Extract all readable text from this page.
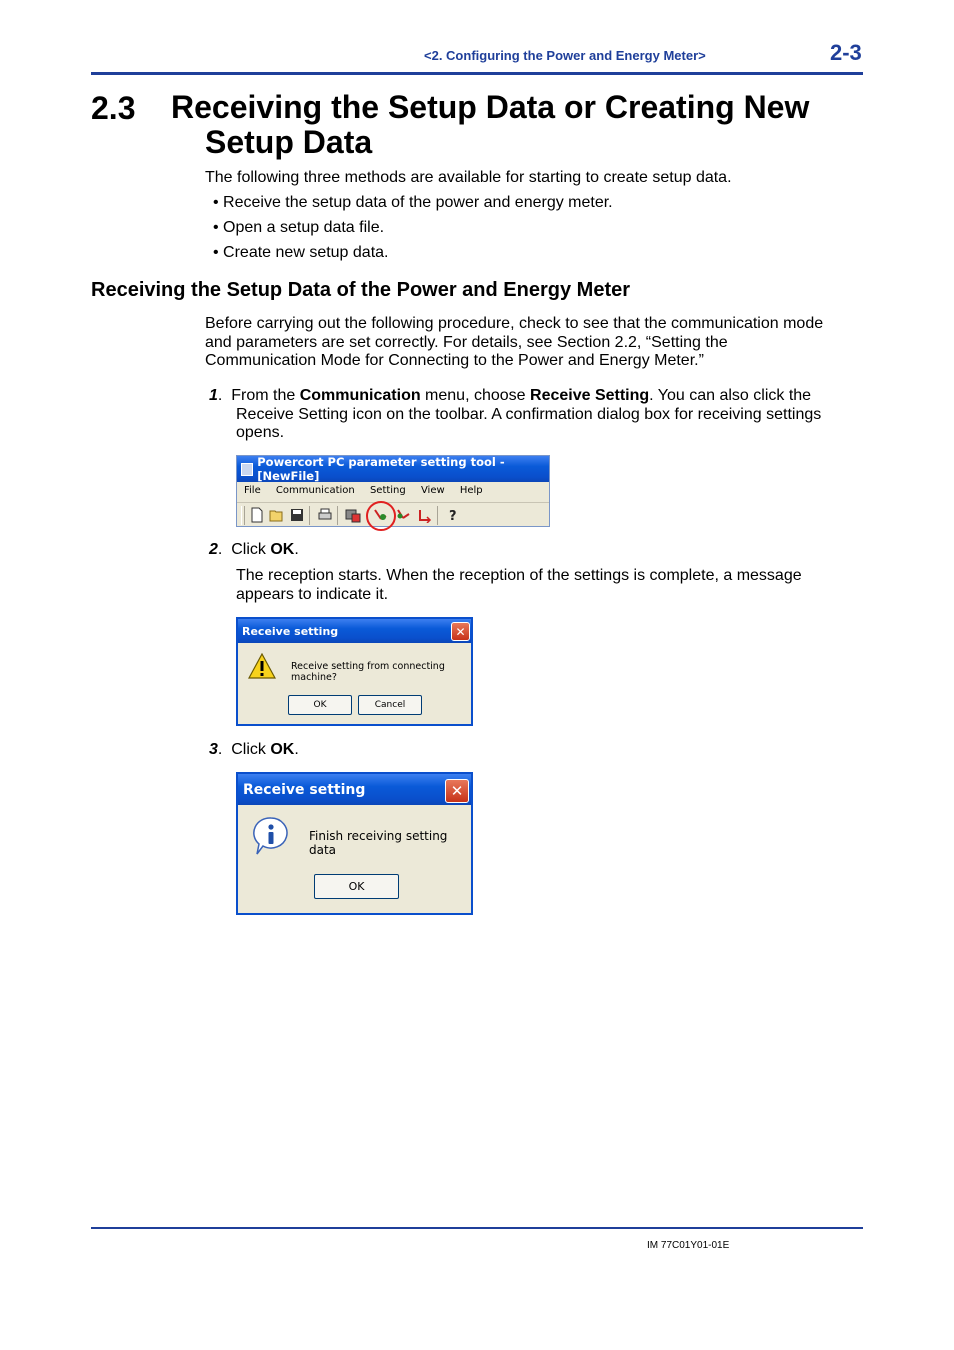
<2. Configuring the Power and Energy Meter>	2-3
2.3 Receiving the Setup Data or Creating New
Setup Data
The following three methods are available for starting to create setup data.
• Receive the setup data of the power and energy meter.
• Open a setup data file.
• Create new setup data.
Receiving the Setup Data of the Power and Energy Meter
Before carrying out the following procedure, check to see that the communication mode
and parameters are set correctly. For details, see Section 2.2, “Setting the
Communication Mode for Connecting to the Power and Energy Meter.”
1. From the Communication menu, choose Receive Setting. You can also click the
Receive Setting icon on the toolbar. A confirmation dialog box for receiving settings
opens.
Powercort PC parameter setting tool - [NewFile]
File Communication Setting View Help
?
2. Click OK.
The reception starts. When the reception of the settings is complete, a message
appears to indicate it.
Receive setting	✕
Receive setting from connecting machine?
OK	Cancel
3. Click OK.
Receive setting	✕
Finish receiving setting data
OK
IM 77C01Y01-01E
